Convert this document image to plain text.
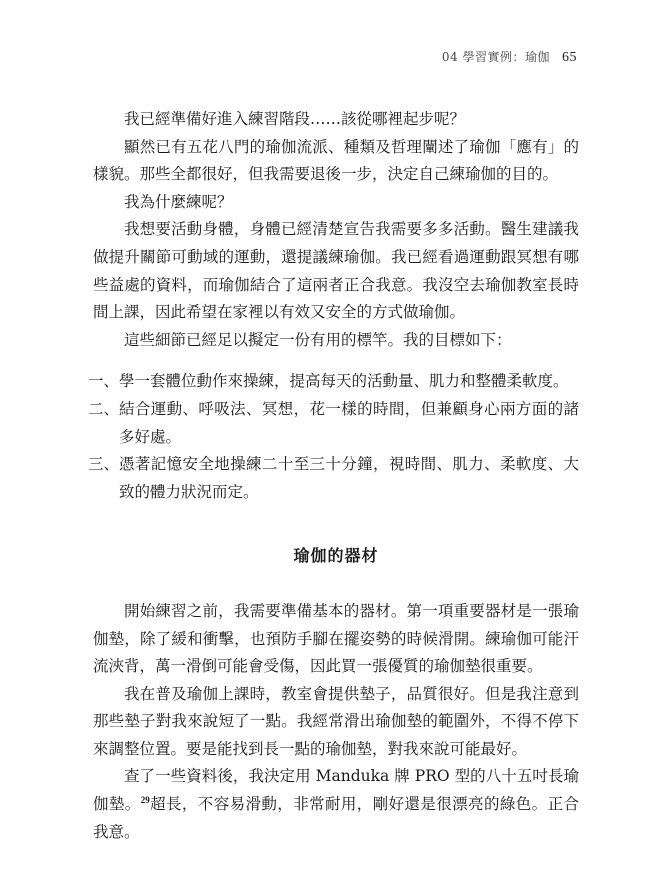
04 學習實例：瑜伽 65

我已經準備好進入練習階段……該從哪裡起步呢？

顯然已有五花八門的瑜伽流派、種類及哲理闡述了瑜伽「應有」的樣貌。那些全都很好，但我需要退後一步，決定自己練瑜伽的目的。

我為什麼練呢？

我想要活動身體，身體已經清楚宣告我需要多多活動。醫生建議我做提升關節可動域的運動，還提議練瑜伽。我已經看過運動跟冥想有哪些益處的資料，而瑜伽結合了這兩者正合我意。我沒空去瑜伽教室長時間上課，因此希望在家裡以有效又安全的方式做瑜伽。

這些細節已經足以擬定一份有用的標竿。我的目標如下：

一、 學一套體位動作來操練，提高每天的活動量、肌力和整體柔軟度。
二、 結合運動、呼吸法、冥想，花一樣的時間，但兼顧身心兩方面的諸多好處。
三、 憑著記憶安全地操練二十至三十分鐘，視時間、肌力、柔軟度、大致的體力狀況而定。
瑜伽的器材

開始練習之前，我需要準備基本的器材。第一項重要器材是一張瑜伽墊，除了緩和衝擊，也預防手腳在擺姿勢的時候滑開。練瑜伽可能汗流浹背，萬一滑倒可能會受傷，因此買一張優質的瑜伽墊很重要。

我在普及瑜伽上課時，教室會提供墊子，品質很好。但是我注意到那些墊子對我來說短了一點。我經常滑出瑜伽墊的範圍外，不得不停下來調整位置。要是能找到長一點的瑜伽墊，對我來說可能最好。

查了一些資料後，我決定用 Manduka 牌 PRO 型的八十五吋長瑜伽墊。$^{29}$超長，不容易滑動，非常耐用，剛好還是很漂亮的綠色。正合我意。
